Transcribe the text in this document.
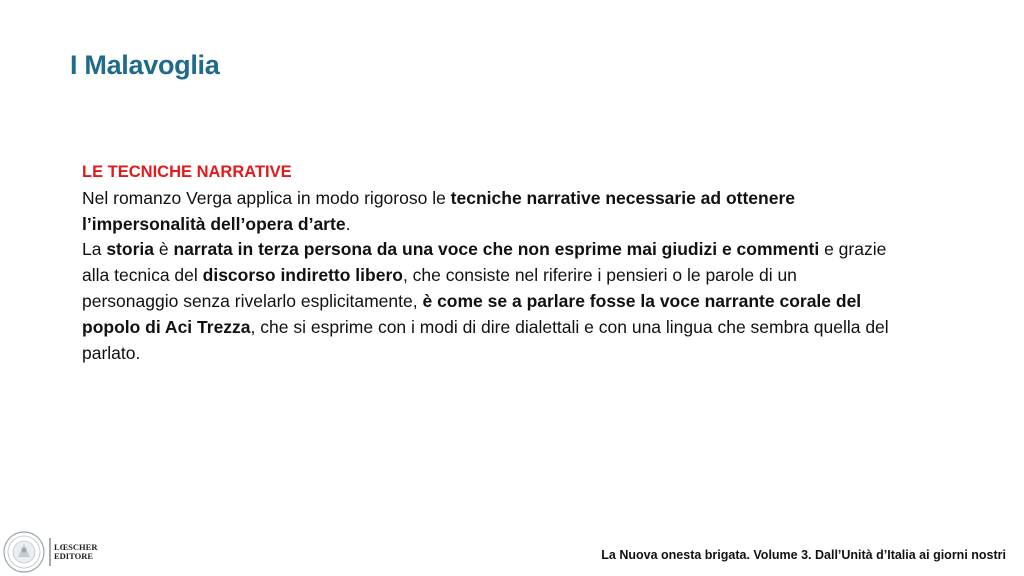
I Malavoglia
LE TECNICHE NARRATIVE

Nel romanzo Verga applica in modo rigoroso le tecniche narrative necessarie ad ottenere l’impersonalità dell’opera d’arte.

La storia è narrata in terza persona da una voce che non esprime mai giudizi e commenti e grazie alla tecnica del discorso indiretto libero, che consiste nel riferire i pensieri o le parole di un personaggio senza rivelarlo esplicitamente, è come se a parlare fosse la voce narrante corale del popolo di Aci Trezza, che si esprime con i modi di dire dialettali e con una lingua che sembra quella del parlato.

LŒSCHER
EDITORE	La Nuova onesta brigata. Volume 3. Dall’Unità d’Italia ai giorni nostri
